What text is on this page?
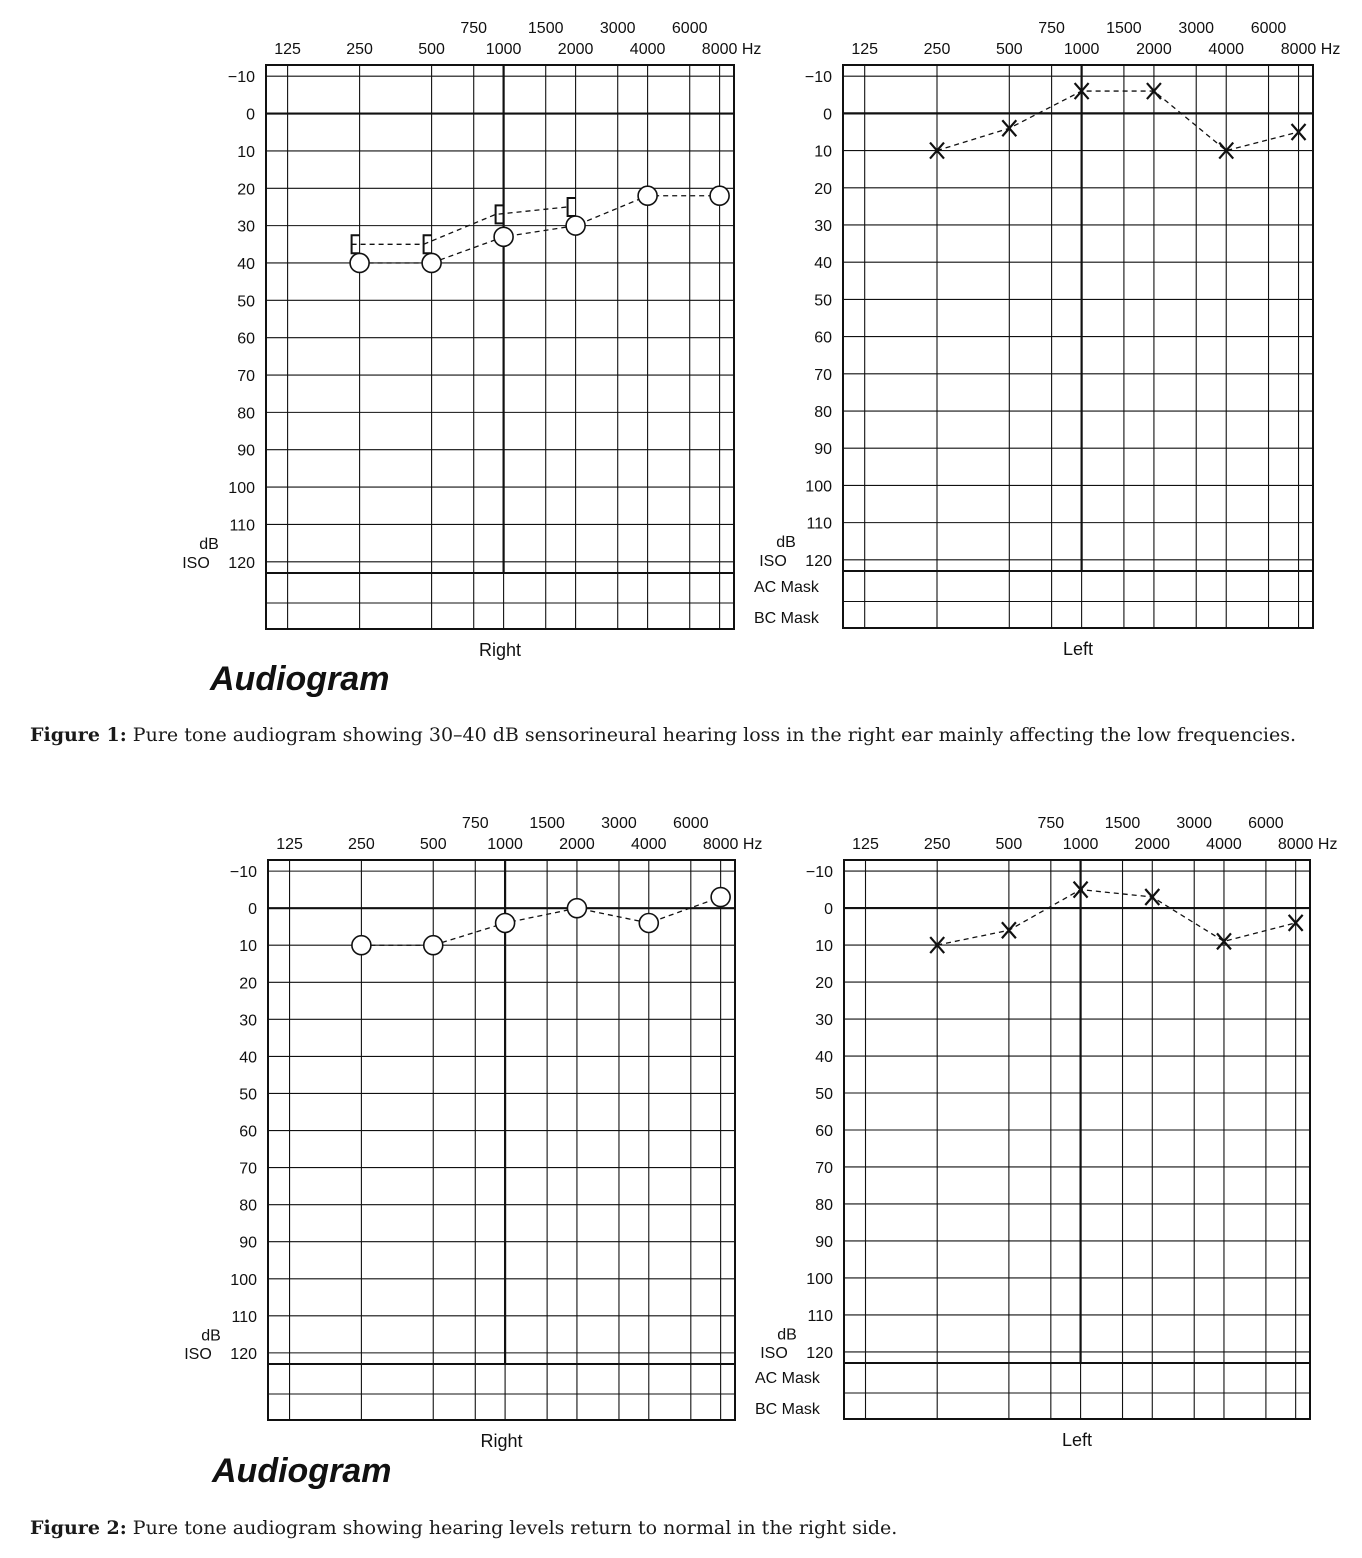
125	250	500	1000 2000 4000 8000 Hz
750	1500 3000 6000
−10
0
10
20
30
40
50
60
70
80
90
100
110
120
dB
ISO
AC Mask
BC Mask
Right
Audiogram
125	250	500	1000 2000 4000 8000 Hz
750	1500 3000 6000
−10
0
10
20
30
40
50
60
70
80
90
100
110
120
dB
ISO
Left
125	250	500	1000 2000 4000 8000 Hz
750	1500 3000 6000
−10
0
10
20
30
40
50
60
70
80
90
100
110
120
dB
ISO
AC Mask
BC Mask
Right
Audiogram
125	250	500	1000 2000 4000 8000 Hz
750	1500 3000 6000
−10
0
10
20
30
40
50
60
70
80
90
100
110
120
dB
ISO
Left
Figure 1: Pure tone audiogram showing 30–40 dB sensorineural hearing loss in the right ear mainly affecting the low frequencies.
Figure 2: Pure tone audiogram showing hearing levels return to normal in the right side.
